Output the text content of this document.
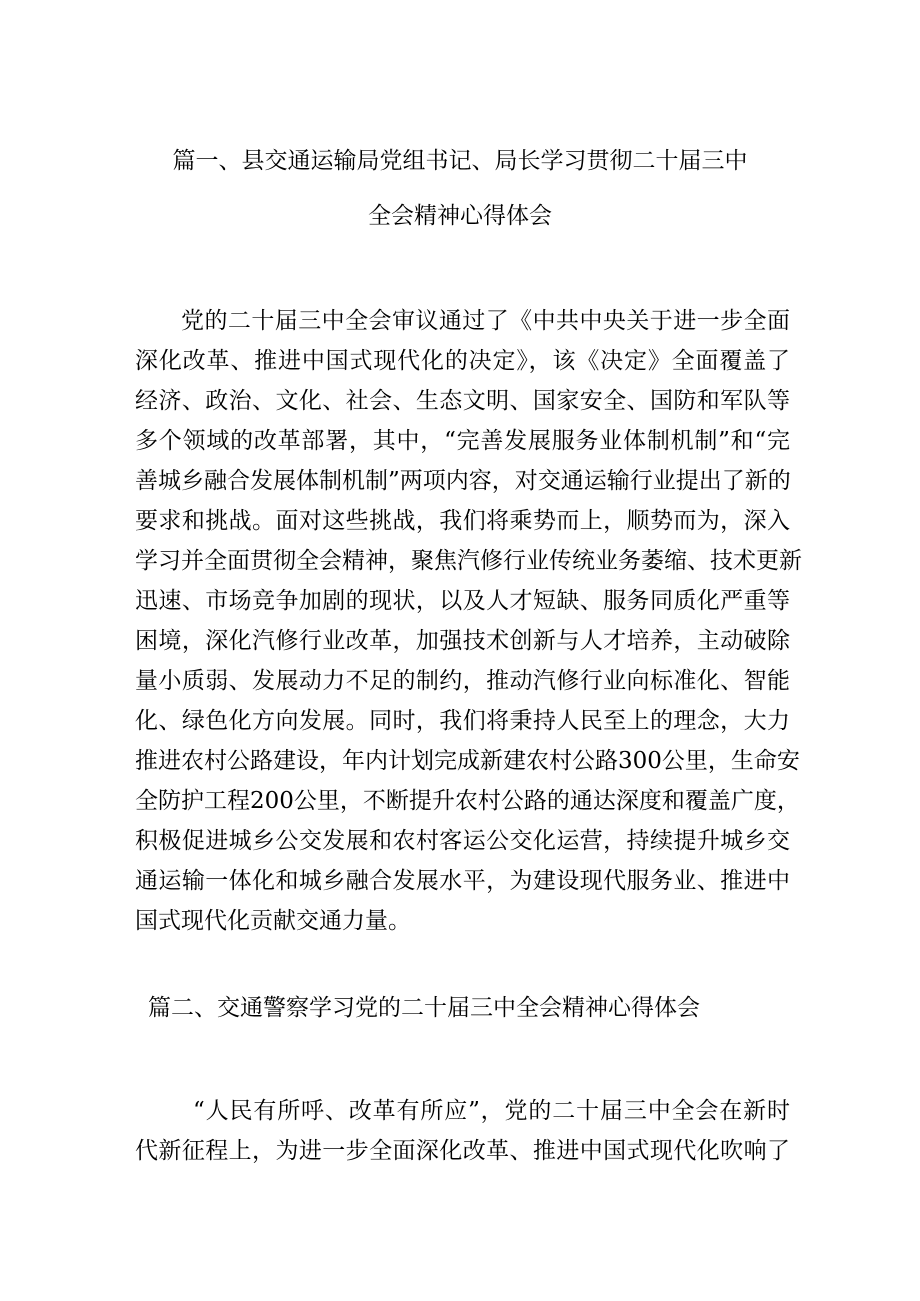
篇一、县交通运输局党组书记、局长学习贯彻二十届三中
全会精神心得体会

党的二十届三中全会审议通过了《中共中央关于进一步全面

深化改革、推进中国式现代化的决定》，该《决定》全面覆盖了

经济、政治、文化、社会、生态文明、国家安全、国防和军队等

多个领域的改革部署，其中，“完善发展服务业体制机制”和“完

善城乡融合发展体制机制”两项内容，对交通运输行业提出了新的

要求和挑战。面对这些挑战，我们将乘势而上，顺势而为，深入

学习并全面贯彻全会精神，聚焦汽修行业传统业务萎缩、技术更新

迅速、市场竞争加剧的现状，以及人才短缺、服务同质化严重等

困境，深化汽修行业改革，加强技术创新与人才培养，主动破除

量小质弱、发展动力不足的制约，推动汽修行业向标准化、智能

化、绿色化方向发展。同时，我们将秉持人民至上的理念，大力

推进农村公路建设，年内计划完成新建农村公路300公里，生命安

全防护工程200公里，不断提升农村公路的通达深度和覆盖广度，

积极促进城乡公交发展和农村客运公交化运营，持续提升城乡交

通运输一体化和城乡融合发展水平，为建设现代服务业、推进中

国式现代化贡献交通力量。

篇二、交通警察学习党的二十届三中全会精神心得体会

“人民有所呼、改革有所应”，党的二十届三中全会在新时

代新征程上，为进一步全面深化改革、推进中国式现代化吹响了
